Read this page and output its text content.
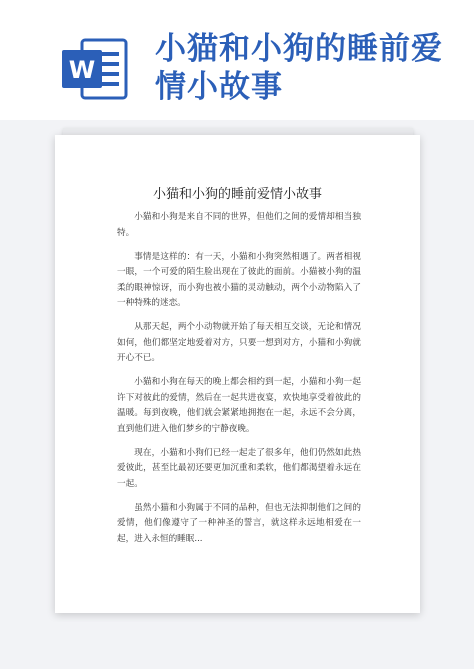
W
小猫和小狗的睡前爱情小故事
小猫和小狗的睡前爱情小故事

小猫和小狗是来自不同的世界，但他们之间的爱情却相当独特。

事情是这样的：有一天，小猫和小狗突然相遇了。两者相视一眼，一个可爱的陌生脸出现在了彼此的面前。小猫被小狗的温柔的眼神惊讶，而小狗也被小猫的灵动触动，两个小动物陷入了一种特殊的迷恋。

从那天起，两个小动物就开始了每天相互交谈，无论和情况如何，他们都坚定地爱着对方，只要一想到对方，小猫和小狗就开心不已。

小猫和小狗在每天的晚上都会相约到一起，小猫和小狗一起许下对彼此的爱情，然后在一起共进夜宴，欢快地享受着彼此的温暖。每到夜晚，他们就会紧紧地拥抱在一起，永远不会分离，直到他们进入他们梦乡的宁静夜晚。

现在，小猫和小狗们已经一起走了很多年，他们仍然如此热爱彼此，甚至比最初还要更加沉重和柔软，他们都渴望着永远在一起。

虽然小猫和小狗属于不同的品种，但也无法抑制他们之间的爱情，他们像遵守了一种神圣的誓言，就这样永远地相爱在一起，进入永恒的睡眠...
